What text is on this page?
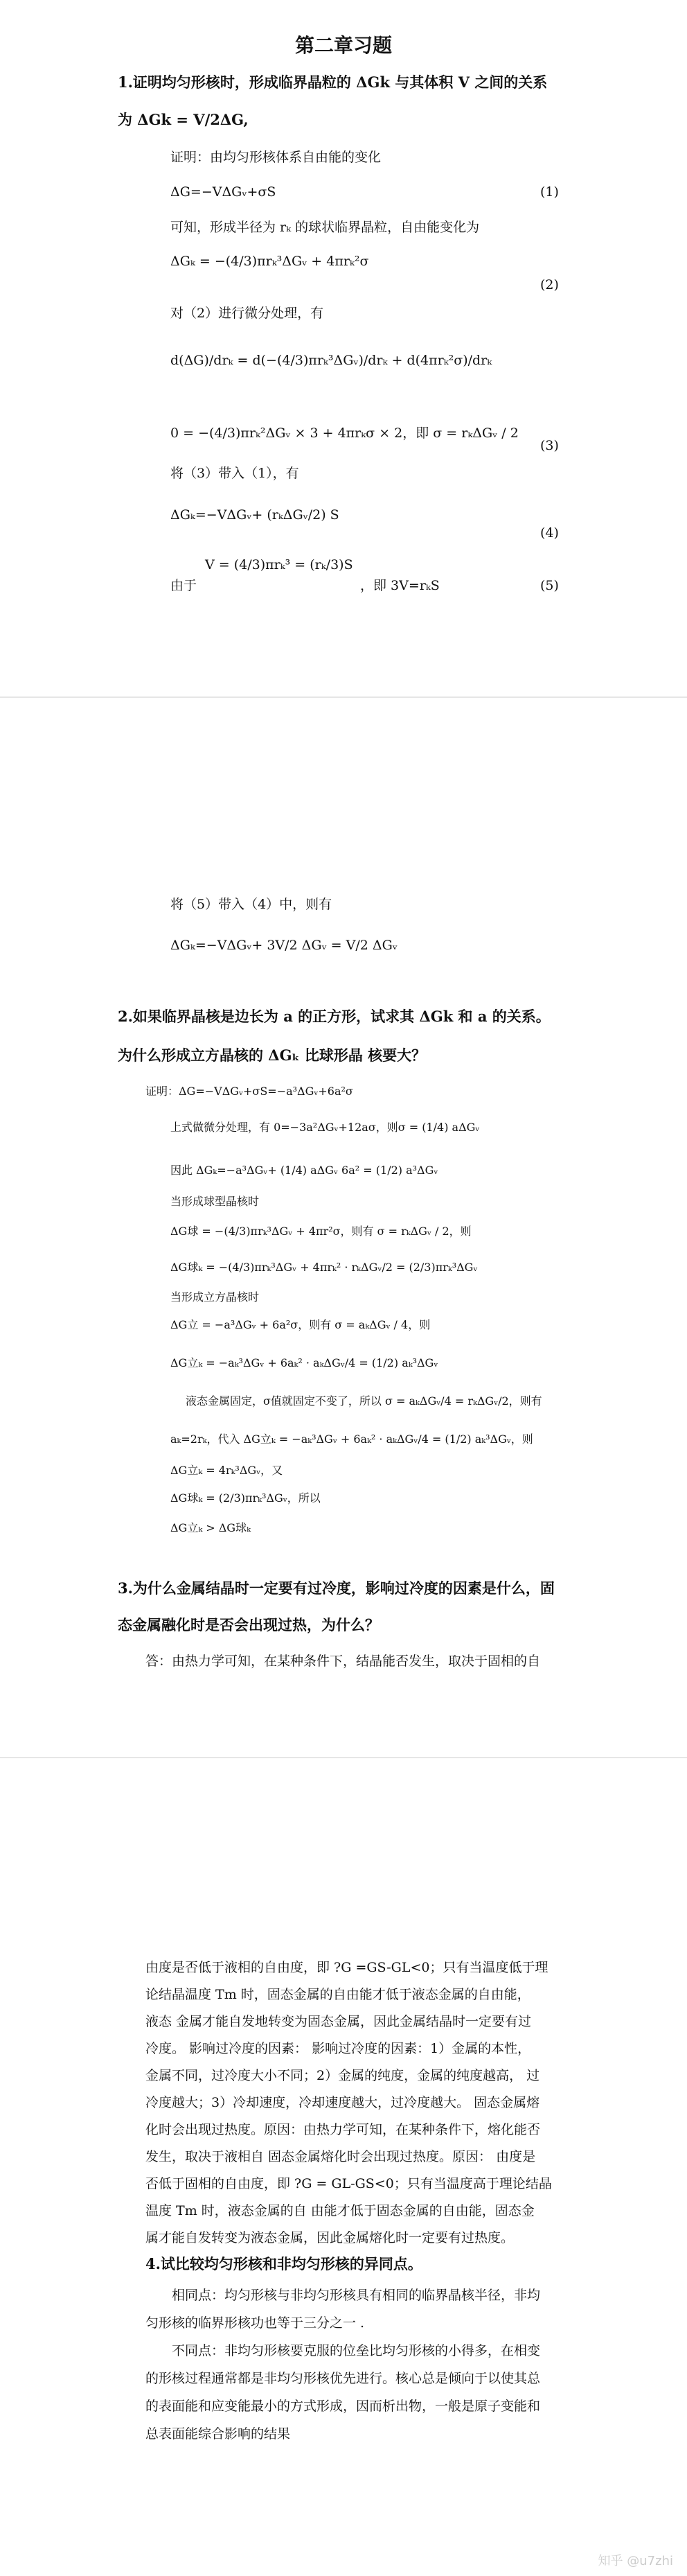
第二章习题
1.证明均匀形核时，形成临界晶粒的 ΔGk 与其体积 V 之间的关系
为 ΔGk = V/2ΔG,
证明：由均匀形核体系自由能的变化
ΔG=−VΔGᵥ+σS	(1)
可知，形成半径为 rₖ 的球状临界晶粒，自由能变化为
ΔGₖ = −(4/3)πrₖ³ΔGᵥ + 4πrₖ²σ
(2)
对（2）进行微分处理，有
d(ΔG)/drₖ = d(−(4/3)πrₖ³ΔGᵥ)/drₖ + d(4πrₖ²σ)/drₖ
0 = −(4/3)πrₖ²ΔGᵥ × 3 + 4πrₖσ × 2，即 σ = rₖΔGᵥ / 2
(3)
将（3）带入（1），有
ΔGₖ=−VΔGᵥ+ (rₖΔGᵥ/2) S
(4)
V = (4/3)πrₖ³ = (rₖ/3)S
由于	，即 3V=rₖS	(5)
将（5）带入（4）中，则有
ΔGₖ=−VΔGᵥ+ 3V/2 ΔGᵥ = V/2 ΔGᵥ
2.如果临界晶核是边长为 a 的正方形，试求其 ΔGk 和 a 的关系。
为什么形成立方晶核的 ΔGₖ 比球形晶 核要大？
证明：ΔG=−VΔGᵥ+σS=−a³ΔGᵥ+6a²σ
上式做微分处理，有 0=−3a²ΔGᵥ+12aσ，则σ = (1/4) aΔGᵥ
因此 ΔGₖ=−a³ΔGᵥ+ (1/4) aΔGᵥ 6a² = (1/2) a³ΔGᵥ
当形成球型晶核时
ΔG球 = −(4/3)πrₖ³ΔGᵥ + 4πr²σ，则有 σ = rₖΔGᵥ / 2，则
ΔG球ₖ = −(4/3)πrₖ³ΔGᵥ + 4πrₖ² · rₖΔGᵥ/2 = (2/3)πrₖ³ΔGᵥ
当形成立方晶核时
ΔG立 = −a³ΔGᵥ + 6a²σ，则有 σ = aₖΔGᵥ / 4，则
ΔG立ₖ = −aₖ³ΔGᵥ + 6aₖ² · aₖΔGᵥ/4 = (1/2) aₖ³ΔGᵥ
液态金属固定，σ值就固定不变了，所以 σ = aₖΔGᵥ/4 = rₖΔGᵥ/2，则有
aₖ=2rₖ，代入 ΔG立ₖ = −aₖ³ΔGᵥ + 6aₖ² · aₖΔGᵥ/4 = (1/2) aₖ³ΔGᵥ，则
ΔG立ₖ = 4rₖ³ΔGᵥ，又
ΔG球ₖ = (2/3)πrₖ³ΔGᵥ，所以
ΔG立ₖ > ΔG球ₖ
3.为什么金属结晶时一定要有过冷度，影响过冷度的因素是什么，固
态金属融化时是否会出现过热，为什么？
答：由热力学可知，在某种条件下，结晶能否发生，取决于固相的自
由度是否低于液相的自由度，即 ?G =GS-GL<0；只有当温度低于理
论结晶温度 Tm 时，固态金属的自由能才低于液态金属的自由能，
液态 金属才能自发地转变为固态金属，因此金属结晶时一定要有过
冷度。 影响过冷度的因素： 影响过冷度的因素：1）金属的本性，
金属不同，过冷度大小不同；2）金属的纯度，金属的纯度越高， 过
冷度越大；3）冷却速度，冷却速度越大，过冷度越大。 固态金属熔
化时会出现过热度。原因：由热力学可知，在某种条件下，熔化能否
发生，取决于液相自 固态金属熔化时会出现过热度。原因： 由度是
否低于固相的自由度，即 ?G = GL-GS<0；只有当温度高于理论结晶
温度 Tm 时，液态金属的自 由能才低于固态金属的自由能，固态金
属才能自发转变为液态金属，因此金属熔化时一定要有过热度。
4.试比较均匀形核和非均匀形核的异同点。
相同点：均匀形核与非均匀形核具有相同的临界晶核半径，非均
匀形核的临界形核功也等于三分之一 .
不同点：非均匀形核要克服的位垒比均匀形核的小得多，在相变
的形核过程通常都是非均匀形核优先进行。核心总是倾向于以使其总
的表面能和应变能最小的方式形成，因而析出物，一般是原子变能和
总表面能综合影响的结果
知乎 @u7zhi
